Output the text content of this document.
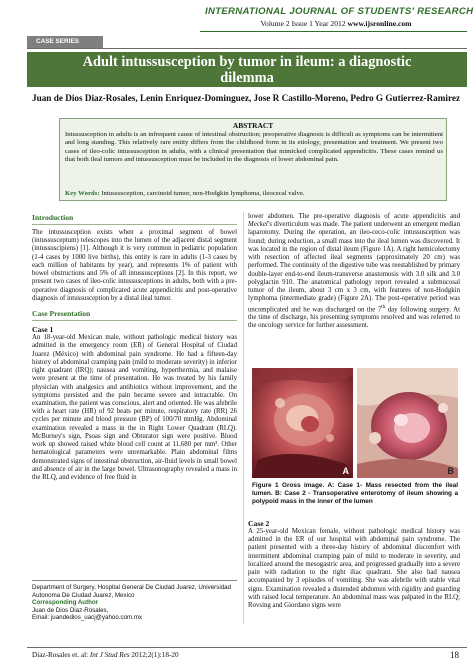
INTERNATIONAL JOURNAL OF STUDENTS' RESEARCH
Volume 2 Issue 1 Year 2012 www.ijsronline.com
CASE SERIES
Adult intussusception by tumor in ileum: a diagnostic
dilemma
Juan de Dios Diaz-Rosales, Lenin Enriquez-Dominguez, Jose R Castillo-Moreno, Pedro G Gutierrez-Ramirez
ABSTRACT
Intussusception in adults is an infrequent cause of intestinal obstruction; preoperative diagnosis is difficult as symptoms can be intermittent and long standing. This relatively rare entity differs from the childhood form in its etiology, presentation and treatment. We present two cases of ileo-colic intussusception in adults, with a clinical presentation that mimicked complicated appendicitis. These cases remind us that both ileal tumors and intussusception must be included in the diagnosis of lower abdominal pain.
Key Words: Intussusception, carcinoid tumor, non-Hodgkin lymphoma, ileocecal valve.
Introduction
The intussusception exists when a proximal segment of bowel (intussusceptum) telescopes into the lumen of the adjacent distal segment (intussuscipiens) [1]. Although it is very common in pediatric population (1-4 cases by 1000 live births), this entity is rare in adults (1-3 cases by each million of habitants by year), and represents 1% of patient with bowel obstructions and 5% of all intussusceptions [2]. In this report, we present two cases of ileo-colic intussusceptions in adults, both with a pre-operative diagnosis of complicated acute appendicitis and post-operative diagnosis of intussusception by a distal ileal tumor.
Case Presentation
Case 1
An 18-year-old Mexican male, without pathologic medical history was admitted in the emergency room (ER) of General Hospital of Ciudad Juarez (México) with abdominal pain syndrome. He had a fifteen-day history of abdominal cramping pain (mild to moderate severity) in inferior right quadrant (IRQ); nausea and vomiting, hyperthermia, and malaise were present at the time of presentation. He was treated by his family physician with analgesics and antibiotics without improvement, and the symptoms persisted and the pain became severe and intractable. On examination, the patient was conscious, alert and oriented. He was afebrile with a heart rate (HR) of 92 beats per minute, respiratory rate (RR) 26 cycles per minute and blood pressure (BP) of 100/70 mmHg. Abdominal examination revealed a mass in the in Right Lower Quadrant (RLQ). McBurney's sign, Psoas sign and Obturator sign were positive. Blood work up showed raised white blood cell count at 11,680 per mm³. Other hematological parameters were unremarkable. Plain abdominal films demonstrated signs of intestinal obstruction, air-fluid levels in small bowel and absence of air in the large bowel. Ultrasonography revealed a mass in the RLQ, and evidence of free fluid in
Department of Surgery, Hospital General De Ciudad Juarez, Universidad Autonoma De Ciudad Juarez, Mexico
Corresponding Author
Juan de Dios Diaz-Rosales,
Email: juandedios_uacj@yahoo.com.mx
lower abdomen. The pre-operative diagnosis of acute appendicitis and Meckel's diverticulum was made. The patient underwent an emergent median laparotomy. During the operation, an ileo-ceco-colic intussusception was found; during reduction, a small mass into the ileal lumen was discovered. It was located in the region of distal ileum (Figure 1A). A right hemicolectomy with resection of affected ileal segments (approximately 20 cm) was performed. The continuity of the digestive tube was reestablished by primary double-layer end-to-end ileum-transverse anastomosis with 3.0 silk and 3.0 polyglactin 910. The anatomical pathology report revealed a submucosal tumor of the ileum, about 3 cm x 3 cm, with features of non-Hodgkin lymphoma (intermediate grade) (Figure 2A). The post-operative period was uncomplicated and he was discharged on the 7th day following surgery. At the time of discharge, his presenting symptoms resolved and was referred to the oncology service for further assessment.
A	B
Figure 1 Gross image. A: Case 1- Mass resected from the ileal lumen. B: Case 2 - Transoperative enterotomy of ileum showing a polypoid mass in the inner of the lumen
Case 2
A 25-year-old Mexican female, without pathologic medical history was admitted in the ER of our hospital with abdominal pain syndrome. The patient presented with a three-day history of abdominal discomfort with intermittent abdominal cramping pain of mild to moderate in severity, and localized around the mesogastric area, and progressed gradually into a severe pain with radiation to the right iliac quadrant. She also had nausea accompanied by 3 episodes of vomiting. She was afebrile with stable vital signs. Examination revealed a distended abdomen with rigidity and guarding with raised local temperature. An abdominal mass was palpated in the RLQ; Rovsing and Giordano signs were
Diaz-Rosales et. al: Int J Stud Res 2012;2(1):18-20	18
